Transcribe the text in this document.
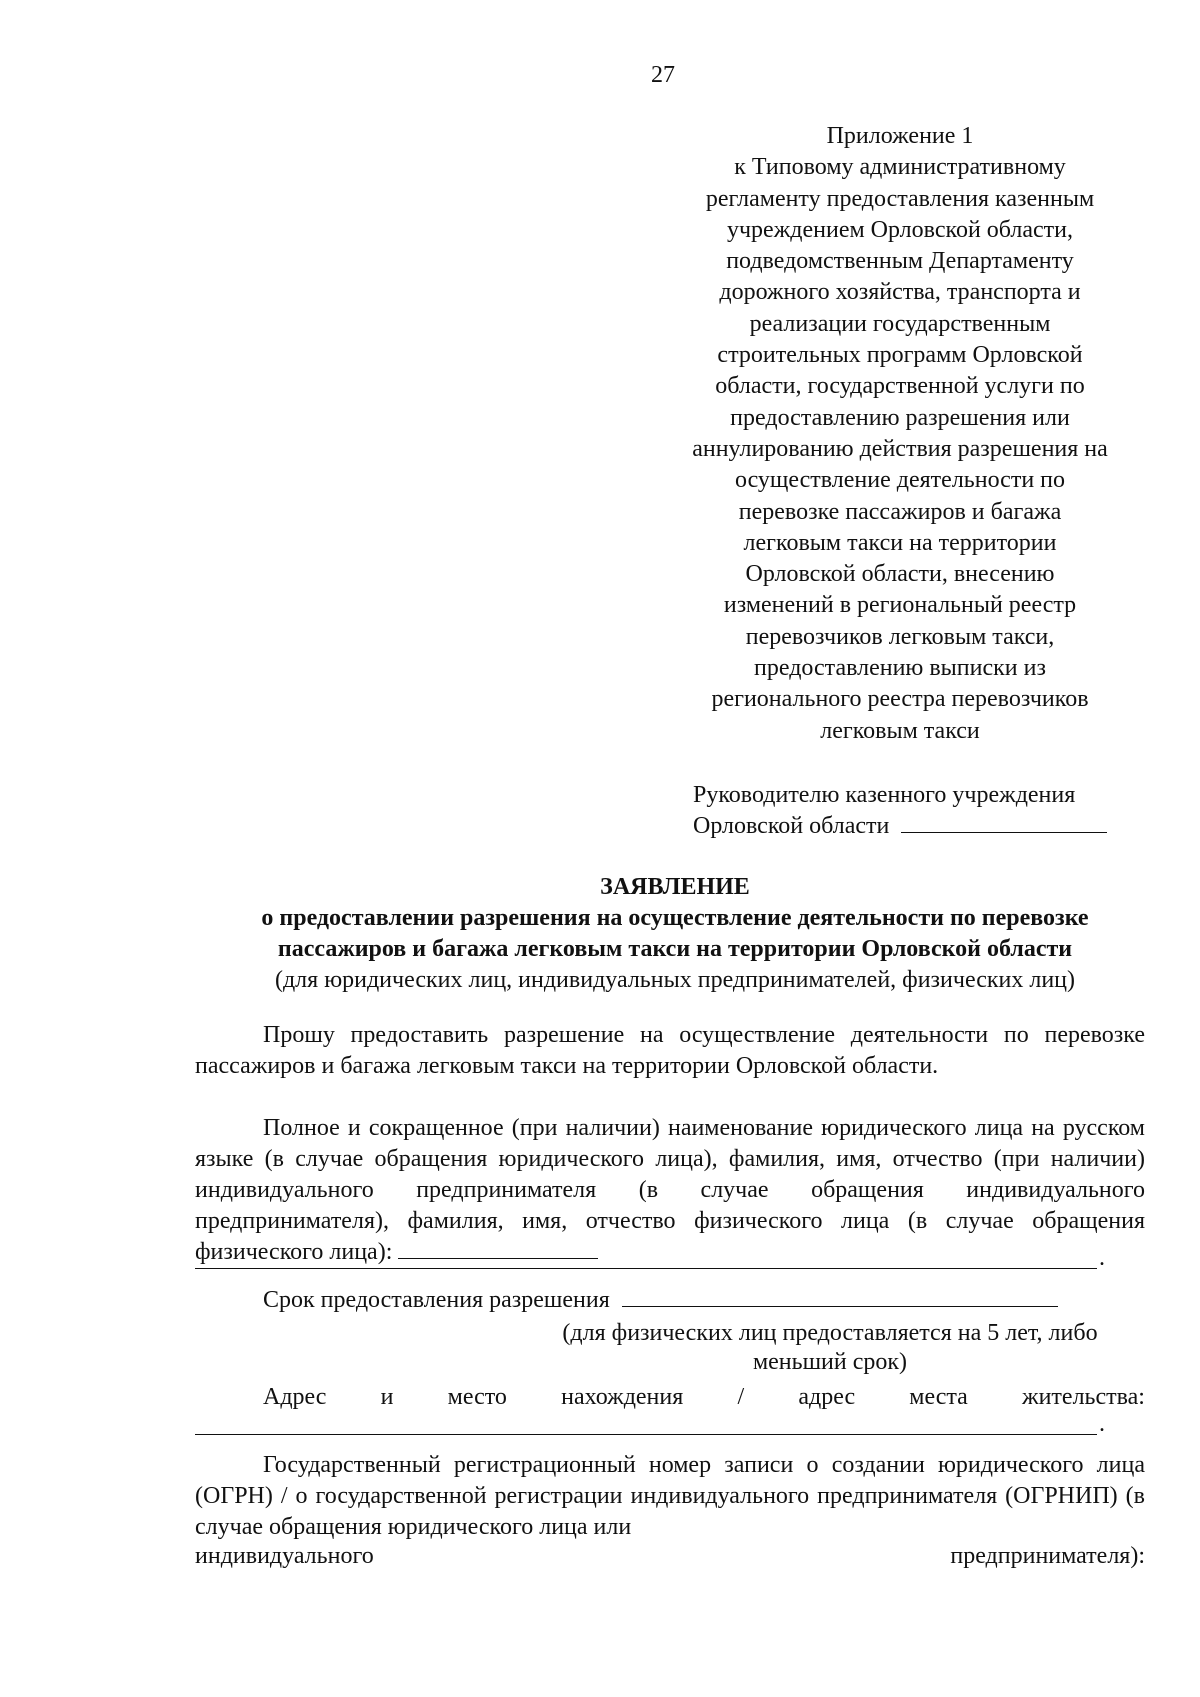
27
Приложение 1
к Типовому административному
регламенту предоставления казенным
учреждением Орловской области,
подведомственным Департаменту
дорожного хозяйства, транспорта и
реализации государственным
строительных программ Орловской
области, государственной услуги по
предоставлению разрешения или
аннулированию действия разрешения на
осуществление деятельности по
перевозке пассажиров и багажа
легковым такси на территории
Орловской области, внесению
изменений в региональный реестр
перевозчиков легковым такси,
предоставлению выписки из
регионального реестра перевозчиков
легковым такси
Руководителю казенного учреждения
Орловской области
ЗАЯВЛЕНИЕ
о предоставлении разрешения на осуществление деятельности по перевозке
пассажиров и багажа легковым такси на территории Орловской области
(для юридических лиц, индивидуальных предпринимателей, физических лиц)
Прошу предоставить разрешение на осуществление деятельности по перевозке пассажиров и багажа легковым такси на территории Орловской области.
Полное и сокращенное (при наличии) наименование юридического лица на русском языке (в случае обращения юридического лица), фамилия, имя, отчество (при наличии) индивидуального предпринимателя (в случае обращения индивидуального предпринимателя), фамилия, имя, отчество физического лица (в случае обращения физического лица):	.
Срок предоставления разрешения
(для физических лиц предоставляется на 5 лет, либо
меньший срок)
Адрес и место нахождения / адрес места жительства:
.
Государственный регистрационный номер записи о создании юридического лица (ОГРН) / о государственной регистрации индивидуального предпринимателя (ОГРНИП) (в случае обращения юридического лица или
индивидуального	предпринимателя):
